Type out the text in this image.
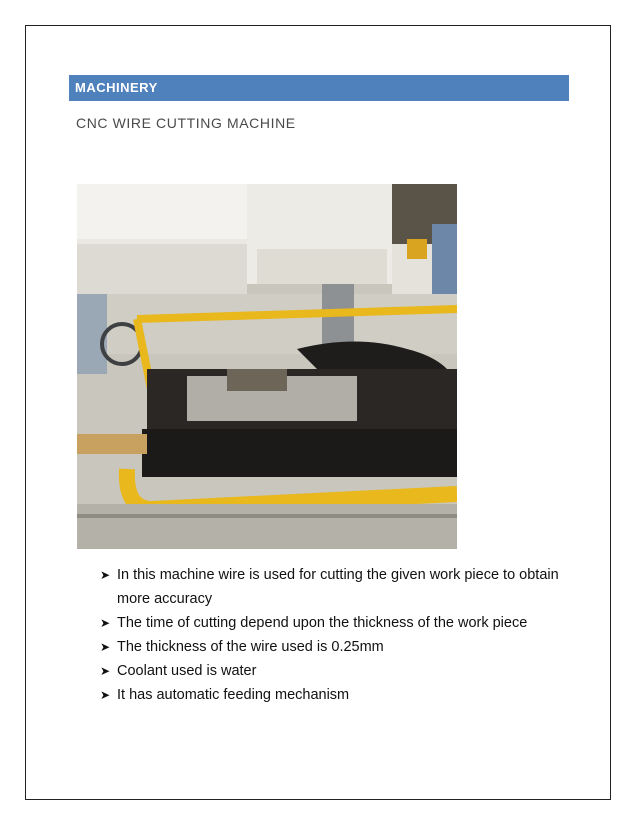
MACHINERY
CNC WIRE CUTTING MACHINE
➤ In this machine wire is used for cutting the given work piece to obtain more accuracy
➤ The time of cutting depend upon the thickness of the work piece
➤ The thickness of the wire used is 0.25mm
➤ Coolant used is water
➤ It has automatic feeding mechanism
